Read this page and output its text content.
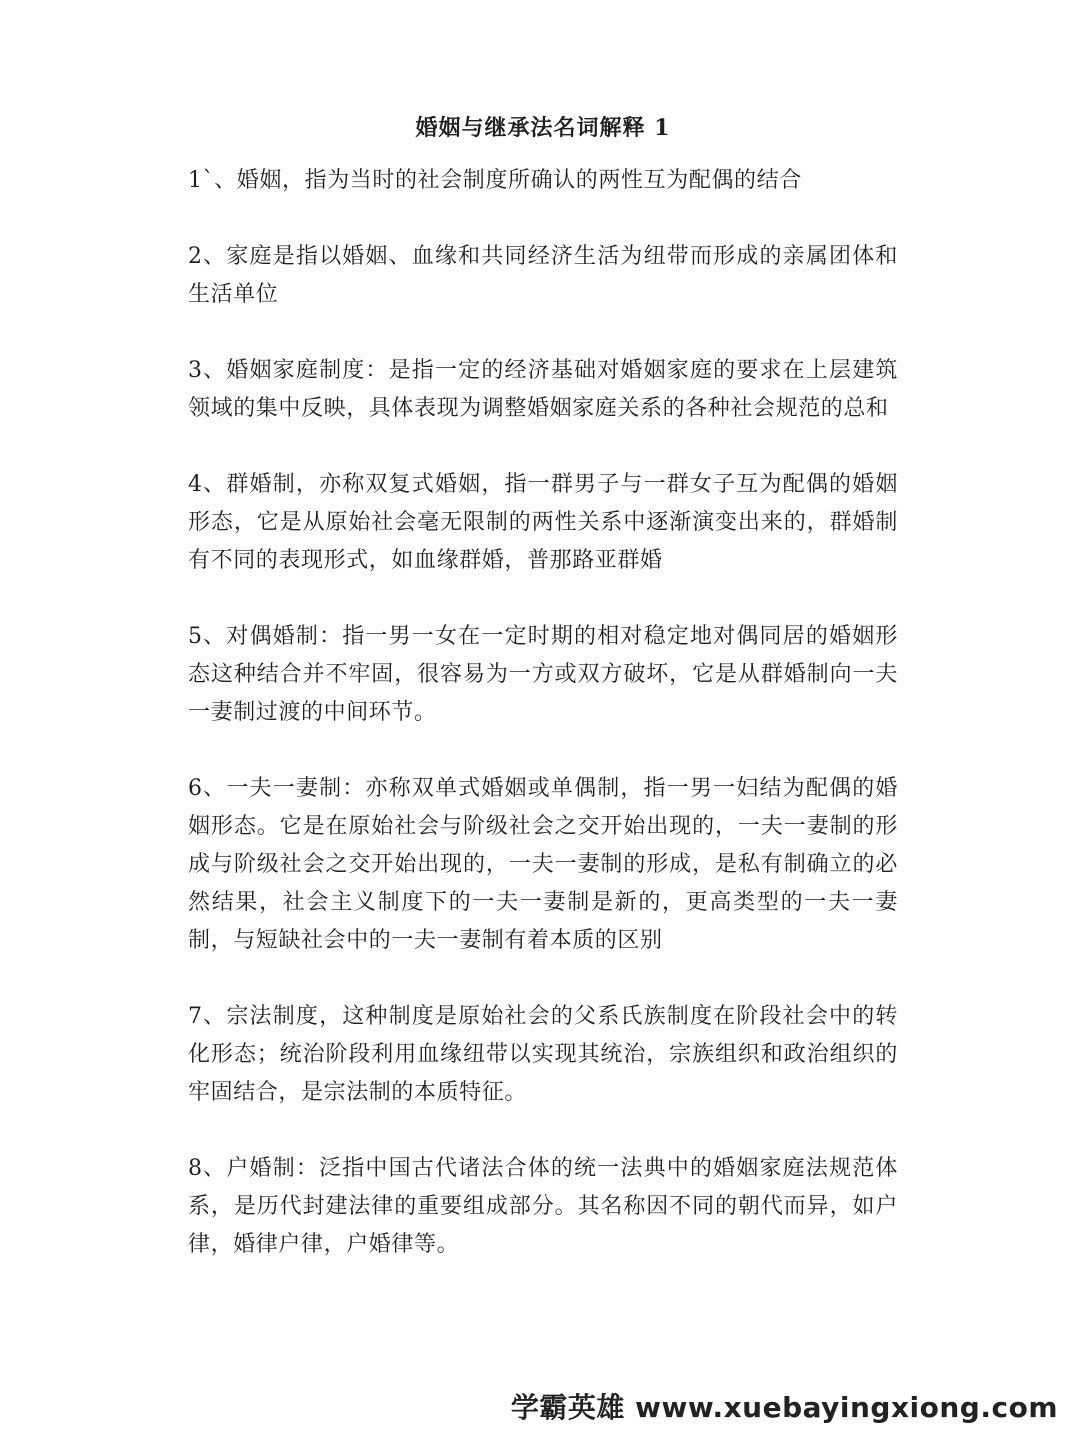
婚姻与继承法名词解释 1
1`、婚姻，指为当时的社会制度所确认的两性互为配偶的结合
2、家庭是指以婚姻、血缘和共同经济生活为纽带而形成的亲属团体和生活单位
3、婚姻家庭制度：是指一定的经济基础对婚姻家庭的要求在上层建筑领域的集中反映，具体表现为调整婚姻家庭关系的各种社会规范的总和
4、群婚制，亦称双复式婚姻，指一群男子与一群女子互为配偶的婚姻形态，它是从原始社会毫无限制的两性关系中逐渐演变出来的，群婚制有不同的表现形式，如血缘群婚，普那路亚群婚
5、对偶婚制：指一男一女在一定时期的相对稳定地对偶同居的婚姻形态这种结合并不牢固，很容易为一方或双方破坏，它是从群婚制向一夫一妻制过渡的中间环节。
6、一夫一妻制：亦称双单式婚姻或单偶制，指一男一妇结为配偶的婚姻形态。它是在原始社会与阶级社会之交开始出现的，一夫一妻制的形成与阶级社会之交开始出现的，一夫一妻制的形成，是私有制确立的必然结果，社会主义制度下的一夫一妻制是新的，更高类型的一夫一妻制，与短缺社会中的一夫一妻制有着本质的区别
7、宗法制度，这种制度是原始社会的父系氏族制度在阶段社会中的转化形态；统治阶段利用血缘纽带以实现其统治，宗族组织和政治组织的牢固结合，是宗法制的本质特征。
8、户婚制：泛指中国古代诸法合体的统一法典中的婚姻家庭法规范体系，是历代封建法律的重要组成部分。其名称因不同的朝代而异，如户律，婚律户律，户婚律等。
学霸英雄 www.xuebayingxiong.com
